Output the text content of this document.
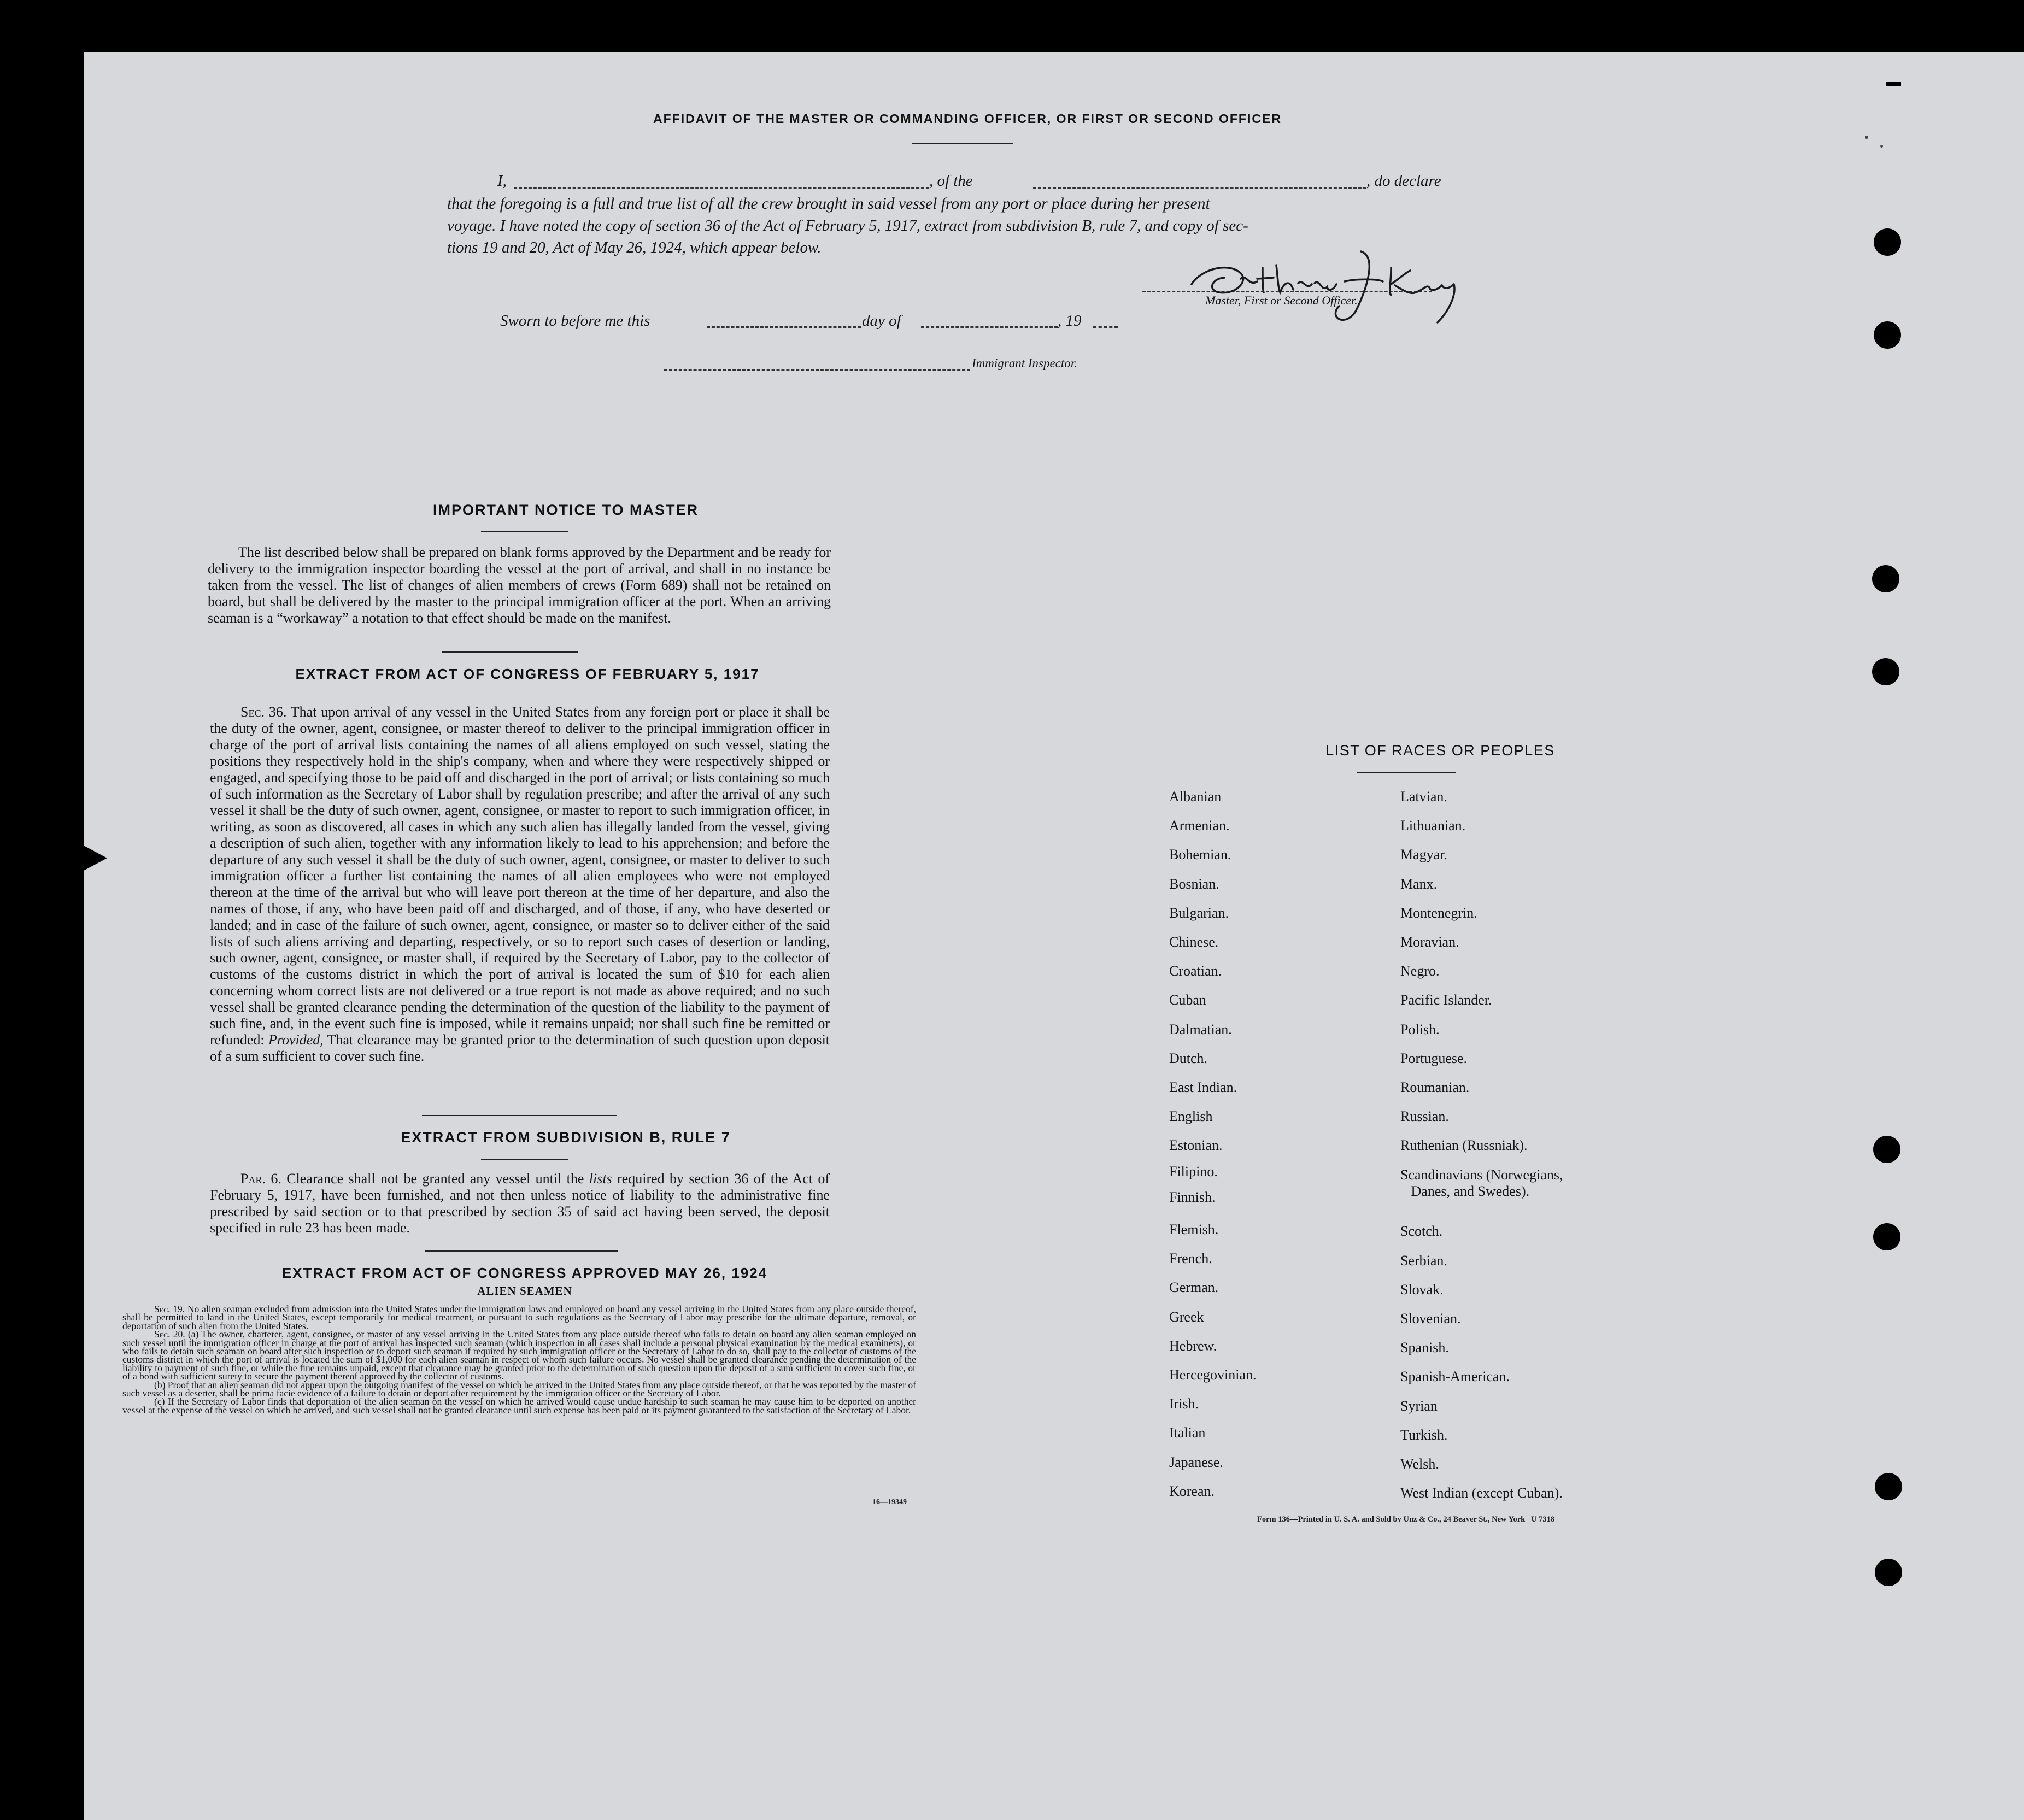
AFFIDAVIT OF THE MASTER OR COMMANDING OFFICER, OR FIRST OR SECOND OFFICER
I,	, of the	, do declare
that the foregoing is a full and true list of all the crew brought in said vessel from any port or place during her present
voyage. I have noted the copy of section 36 of the Act of February 5, 1917, extract from subdivision B, rule 7, and copy of sec-
tions 19 and 20, Act of May 26, 1924, which appear below.
Master, First or Second Officer.
Sworn to before me this	day of	, 19
Immigrant Inspector.
IMPORTANT NOTICE TO MASTER

The list described below shall be prepared on blank forms approved by the Department and be ready for delivery to the immigration inspector boarding the vessel at the port of arrival, and shall in no instance be taken from the vessel. The list of changes of alien members of crews (Form 689) shall not be retained on board, but shall be delivered by the master to the principal immigration officer at the port. When an arriving seaman is a “workaway” a notation to that effect should be made on the manifest.

EXTRACT FROM ACT OF CONGRESS OF FEBRUARY 5, 1917

Sec. 36. That upon arrival of any vessel in the United States from any foreign port or place it shall be the duty of the owner, agent, consignee, or master thereof to deliver to the principal immigration officer in charge of the port of arrival lists containing the names of all aliens employed on such vessel, stating the positions they respectively hold in the ship's company, when and where they were respectively shipped or engaged, and specifying those to be paid off and discharged in the port of arrival; or lists containing so much of such information as the Secretary of Labor shall by regulation prescribe; and after the arrival of any such vessel it shall be the duty of such owner, agent, consignee, or master to report to such immigration officer, in writing, as soon as discovered, all cases in which any such alien has illegally landed from the vessel, giving a description of such alien, together with any information likely to lead to his apprehension; and before the departure of any such vessel it shall be the duty of such owner, agent, consignee, or master to deliver to such immigration officer a further list containing the names of all alien employees who were not employed thereon at the time of the arrival but who will leave port thereon at the time of her departure, and also the names of those, if any, who have been paid off and discharged, and of those, if any, who have deserted or landed; and in case of the failure of such owner, agent, consignee, or master so to deliver either of the said lists of such aliens arriving and departing, respectively, or so to report such cases of desertion or landing, such owner, agent, consignee, or master shall, if required by the Secretary of Labor, pay to the collector of customs of the customs district in which the port of arrival is located the sum of $10 for each alien concerning whom correct lists are not delivered or a true report is not made as above required; and no such vessel shall be granted clearance pending the determination of the question of the liability to the payment of such fine, and, in the event such fine is imposed, while it remains unpaid; nor shall such fine be remitted or refunded: Provided, That clearance may be granted prior to the determination of such question upon deposit of a sum sufficient to cover such fine.

EXTRACT FROM SUBDIVISION B, RULE 7

Par. 6. Clearance shall not be granted any vessel until the lists required by section 36 of the Act of February 5, 1917, have been furnished, and not then unless notice of liability to the administrative fine prescribed by said section or to that prescribed by section 35 of said act having been served, the deposit specified in rule 23 has been made.

EXTRACT FROM ACT OF CONGRESS APPROVED MAY 26, 1924
ALIEN SEAMEN

Sec. 19. No alien seaman excluded from admission into the United States under the immigration laws and employed on board any vessel arriving in the United States from any place outside thereof, shall be permitted to land in the United States, except temporarily for medical treatment, or pursuant to such regulations as the Secretary of Labor may prescribe for the ultimate departure, removal, or deportation of such alien from the United States.

Sec. 20. (a) The owner, charterer, agent, consignee, or master of any vessel arriving in the United States from any place outside thereof who fails to detain on board any alien seaman employed on such vessel until the immigration officer in charge at the port of arrival has inspected such seaman (which inspection in all cases shall include a personal physical examination by the medical examiners), or who fails to detain such seaman on board after such inspection or to deport such seaman if required by such immigration officer or the Secretary of Labor to do so, shall pay to the collector of customs of the customs district in which the port of arrival is located the sum of $1,000 for each alien seaman in respect of whom such failure occurs. No vessel shall be granted clearance pending the determination of the liability to payment of such fine, or while the fine remains unpaid, except that clearance may be granted prior to the determination of such question upon the deposit of a sum sufficient to cover such fine, or of a bond with sufficient surety to secure the payment thereof approved by the collector of customs.

(b) Proof that an alien seaman did not appear upon the outgoing manifest of the vessel on which he arrived in the United States from any place outside thereof, or that he was reported by the master of such vessel as a deserter, shall be prima facie evidence of a failure to detain or deport after requirement by the immigration officer or the Secretary of Labor.

(c) If the Secretary of Labor finds that deportation of the alien seaman on the vessel on which he arrived would cause undue hardship to such seaman he may cause him to be deported on another vessel at the expense of the vessel on which he arrived, and such vessel shall not be granted clearance until such expense has been paid or its payment guaranteed to the satisfaction of the Secretary of Labor.

16—19349
LIST OF RACES OR PEOPLES
Albanian
Armenian.
Bohemian.
Bosnian.
Bulgarian.
Chinese.
Croatian.
Cuban
Dalmatian.
Dutch.
East Indian.
English
Estonian.
Filipino.
Finnish.
Flemish.
French.
German.
Greek
Hebrew.
Hercegovinian.
Irish.
Italian
Japanese.
Korean.
Latvian.
Lithuanian.
Magyar.
Manx.
Montenegrin.
Moravian.
Negro.
Pacific Islander.
Polish.
Portuguese.
Roumanian.
Russian.
Ruthenian (Russniak).
Scandinavians (Norwegians,
Danes, and Swedes).
Scotch.
Serbian.
Slovak.
Slovenian.
Spanish.
Spanish-American.
Syrian
Turkish.
Welsh.
West Indian (except Cuban).
Form 136—Printed in U. S. A. and Sold by Unz & Co., 24 Beaver St., New York   U 7318
